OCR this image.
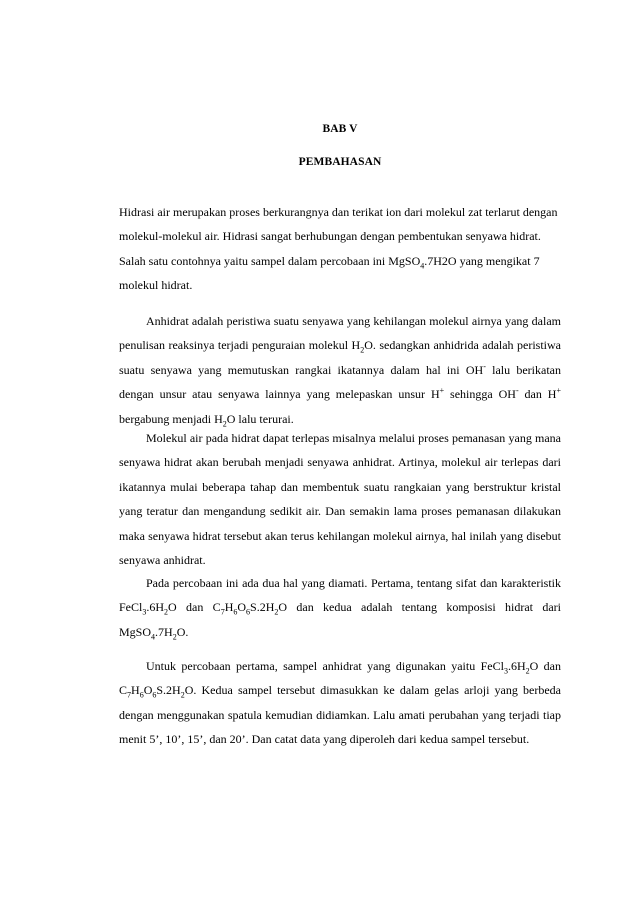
BAB V
PEMBAHASAN

Hidrasi air merupakan proses berkurangnya dan terikat ion dari molekul zat terlarut dengan molekul-molekul air. Hidrasi sangat berhubungan dengan pembentukan senyawa hidrat. Salah satu contohnya yaitu sampel dalam percobaan ini MgSO$_4$.7H2O yang mengikat 7 molekul hidrat.

Anhidrat adalah peristiwa suatu senyawa yang kehilangan molekul airnya yang dalam penulisan reaksinya terjadi penguraian molekul $H_2O$. sedangkan anhidrida adalah peristiwa suatu senyawa yang memutuskan rangkai ikatannya dalam hal ini OH- lalu berikatan dengan unsur atau senyawa lainnya yang melepaskan unsur H+ sehingga OH- dan H+ bergabung menjadi $H_2O$ lalu terurai.

Molekul air pada hidrat dapat terlepas misalnya melalui proses pemanasan yang mana senyawa hidrat akan berubah menjadi senyawa anhidrat. Artinya, molekul air terlepas dari ikatannya mulai beberapa tahap dan membentuk suatu rangkaian yang berstruktur kristal yang teratur dan mengandung sedikit air. Dan semakin lama proses pemanasan dilakukan maka senyawa hidrat tersebut akan terus kehilangan molekul airnya, hal inilah yang disebut senyawa anhidrat.

Pada percobaan ini ada dua hal yang diamati. Pertama, tentang sifat dan karakteristik $FeCl_3.6H_2O$ dan $C_7H_6O_6S.2H_2O$ dan kedua adalah tentang komposisi hidrat dari $MgSO_4.7H_2O$.

Untuk percobaan pertama, sampel anhidrat yang digunakan yaitu $FeCl_3.6H_2O$ dan $C_7H_6O_6S.2H_2O$. Kedua sampel tersebut dimasukkan ke dalam gelas arloji yang berbeda dengan menggunakan spatula kemudian didiamkan. Lalu amati perubahan yang terjadi tiap menit 5’, 10’, 15’, dan 20’. Dan catat data yang diperoleh dari kedua sampel tersebut.
